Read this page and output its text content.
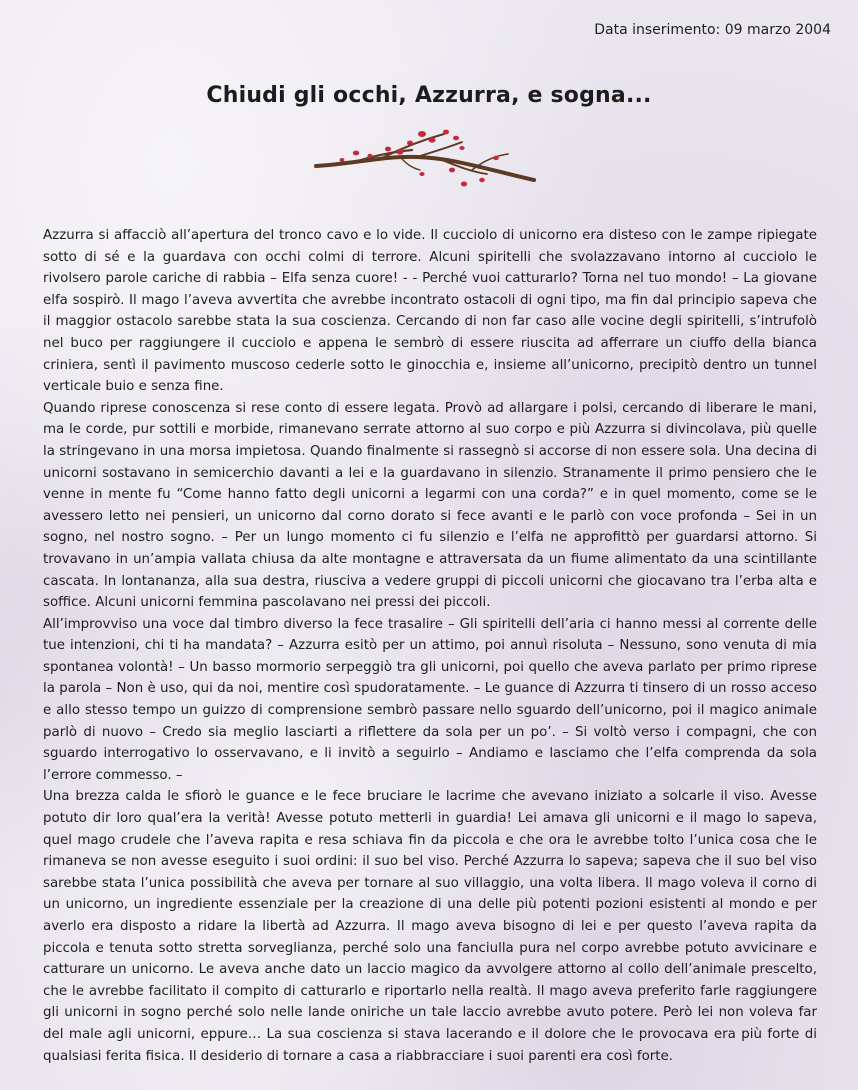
Data inserimento: 09 marzo 2004
Chiudi gli occhi, Azzurra, e sogna...

Azzurra si affacciò all’apertura del tronco cavo e lo vide. Il cucciolo di unicorno era disteso con le zampe ripiegate sotto di sé e la guardava con occhi colmi di terrore. Alcuni spiritelli che svolazzavano intorno al cucciolo le rivolsero parole cariche di rabbia – Elfa senza cuore! - - Perché vuoi catturarlo? Torna nel tuo mondo! – La giovane elfa sospirò. Il mago l’aveva avvertita che avrebbe incontrato ostacoli di ogni tipo, ma fin dal principio sapeva che il maggior ostacolo sarebbe stata la sua coscienza. Cercando di non far caso alle vocine degli spiritelli, s’intrufolò nel buco per raggiungere il cucciolo e appena le sembrò di essere riuscita ad afferrare un ciuffo della bianca criniera, sentì il pavimento muscoso cederle sotto le ginocchia e, insieme all’unicorno, precipitò dentro un tunnel verticale buio e senza fine.

Quando riprese conoscenza si rese conto di essere legata. Provò ad allargare i polsi, cercando di liberare le mani, ma le corde, pur sottili e morbide, rimanevano serrate attorno al suo corpo e più Azzurra si divincolava, più quelle la stringevano in una morsa impietosa. Quando finalmente si rassegnò si accorse di non essere sola. Una decina di unicorni sostavano in semicerchio davanti a lei e la guardavano in silenzio. Stranamente il primo pensiero che le venne in mente fu “Come hanno fatto degli unicorni a legarmi con una corda?” e in quel momento, come se le avessero letto nei pensieri, un unicorno dal corno dorato si fece avanti e le parlò con voce profonda – Sei in un sogno, nel nostro sogno. – Per un lungo momento ci fu silenzio e l’elfa ne approfittò per guardarsi attorno. Si trovavano in un’ampia vallata chiusa da alte montagne e attraversata da un fiume alimentato da una scintillante cascata. In lontananza, alla sua destra, riusciva a vedere gruppi di piccoli unicorni che giocavano tra l’erba alta e soffice. Alcuni unicorni femmina pascolavano nei pressi dei piccoli.

All’improvviso una voce dal timbro diverso la fece trasalire – Gli spiritelli dell’aria ci hanno messi al corrente delle tue intenzioni, chi ti ha mandata? – Azzurra esitò per un attimo, poi annuì risoluta – Nessuno, sono venuta di mia spontanea volontà! – Un basso mormorio serpeggiò tra gli unicorni, poi quello che aveva parlato per primo riprese la parola – Non è uso, qui da noi, mentire così spudoratamente. – Le guance di Azzurra ti tinsero di un rosso acceso e allo stesso tempo un guizzo di comprensione sembrò passare nello sguardo dell’unicorno, poi il magico animale parlò di nuovo – Credo sia meglio lasciarti a riflettere da sola per un po’. – Si voltò verso i compagni, che con sguardo interrogativo lo osservavano, e li invitò a seguirlo – Andiamo e lasciamo che l’elfa comprenda da sola l’errore commesso. –

Una brezza calda le sfiorò le guance e le fece bruciare le lacrime che avevano iniziato a solcarle il viso. Avesse potuto dir loro qual’era la verità! Avesse potuto metterli in guardia! Lei amava gli unicorni e il mago lo sapeva, quel mago crudele che l’aveva rapita e resa schiava fin da piccola e che ora le avrebbe tolto l’unica cosa che le rimaneva se non avesse eseguito i suoi ordini: il suo bel viso. Perché Azzurra lo sapeva; sapeva che il suo bel viso sarebbe stata l’unica possibilità che aveva per tornare al suo villaggio, una volta libera. Il mago voleva il corno di un unicorno, un ingrediente essenziale per la creazione di una delle più potenti pozioni esistenti al mondo e per averlo era disposto a ridare la libertà ad Azzurra. Il mago aveva bisogno di lei e per questo l’aveva rapita da piccola e tenuta sotto stretta sorveglianza, perché solo una fanciulla pura nel corpo avrebbe potuto avvicinare e catturare un unicorno. Le aveva anche dato un laccio magico da avvolgere attorno al collo dell’animale prescelto, che le avrebbe facilitato il compito di catturarlo e riportarlo nella realtà. Il mago aveva preferito farle raggiungere gli unicorni in sogno perché solo nelle lande oniriche un tale laccio avrebbe avuto potere. Però lei non voleva far del male agli unicorni, eppure… La sua coscienza si stava lacerando e il dolore che le provocava era più forte di qualsiasi ferita fisica. Il desiderio di tornare a casa a riabbracciare i suoi parenti era così forte.
